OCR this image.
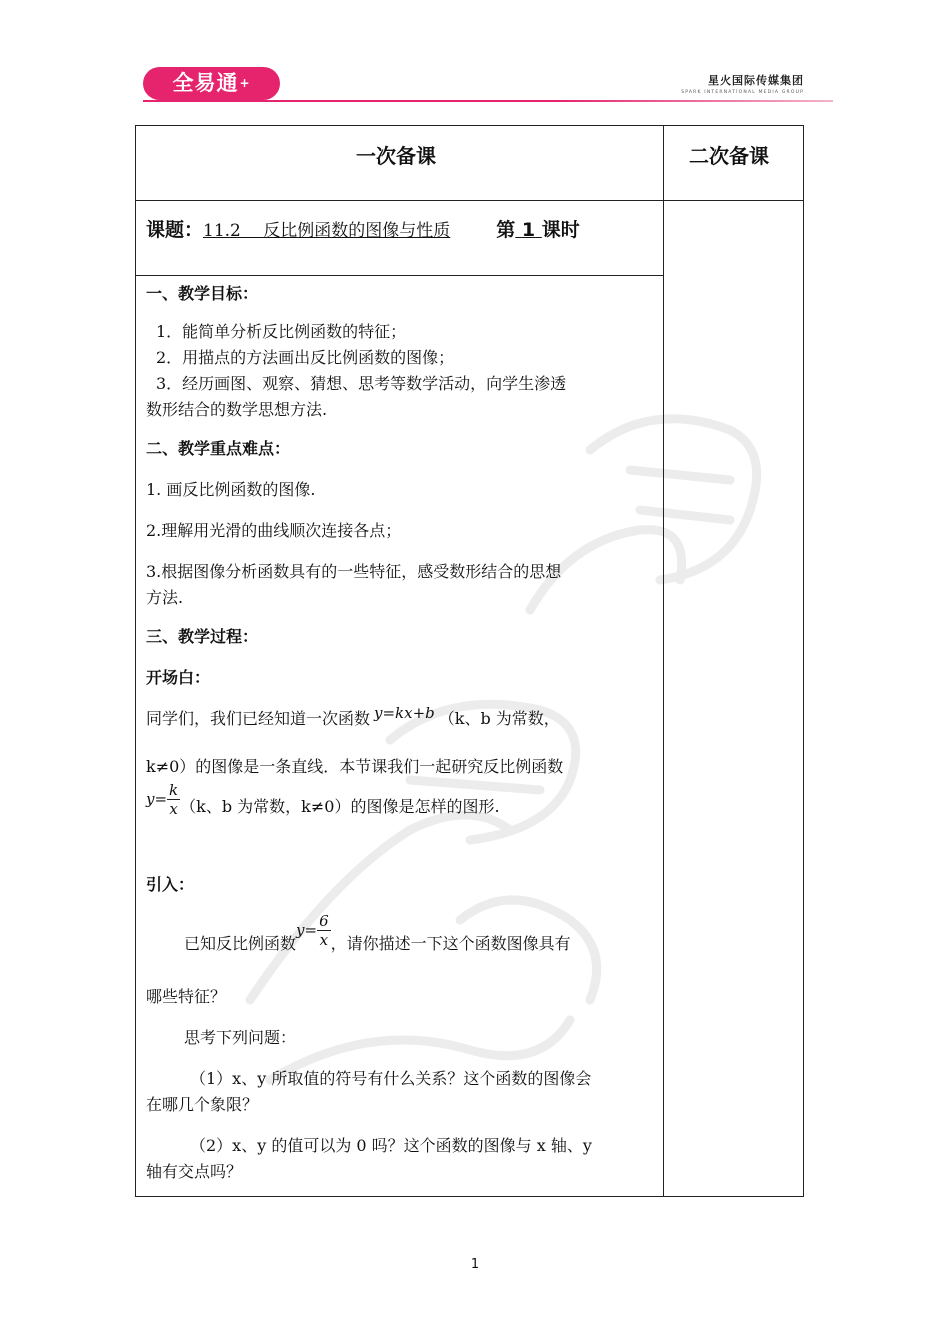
全易通+	星火国际传媒集团
SPARK INTERNATIONAL MEDIA GROUP
一次备课	二次备课
课题：11.2　 反比例函数的图像与性质 第 1 课时
一、教学目标：
1．能简单分析反比例函数的特征；
2．用描点的方法画出反比例函数的图像；
3．经历画图、观察、猜想、思考等数学活动，向学生渗透
数形结合的数学思想方法.
二、教学重点难点：
1. 画反比例函数的图像.
2.理解用光滑的曲线顺次连接各点；
3.根据图像分析函数具有的一些特征，感受数形结合的思想
方法.
三、教学过程：
开场白：
同学们，我们已经知道一次函数 y=kx+b （k、b 为常数，
k≠0）的图像是一条直线．本节课我们一起研究反比例函数
$y= \frac{k}{x} (k$、b 为常数，k≠0）的图像是怎样的图形.
引入：
已知反比例函数$y= \frac{6}{x}$ ，请你描述一下这个函数图像具有
哪些特征？
思考下列问题：
（1）x、y 所取值的符号有什么关系？这个函数的图像会
在哪几个象限？
（2）x、y 的值可以为 0 吗？这个函数的图像与 x 轴、y
轴有交点吗？
1
